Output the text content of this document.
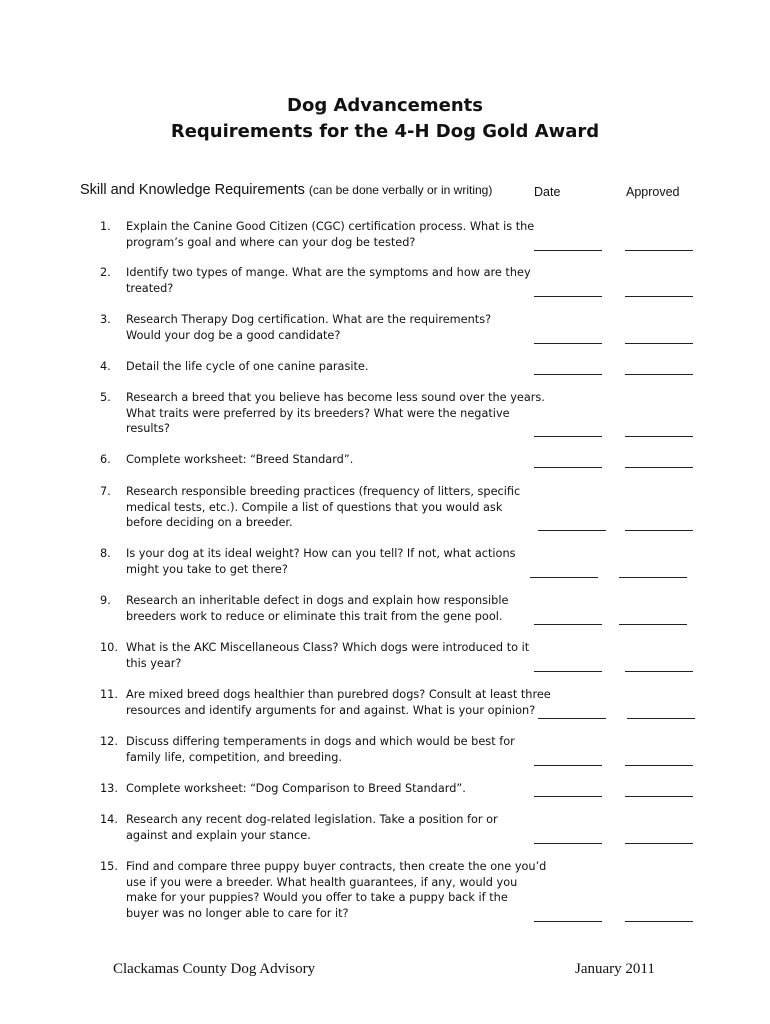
Dog Advancements
Requirements for the 4-H Dog Gold Award
Skill and Knowledge Requirements (can be done verbally or in writing)	Date	Approved
1.	Explain the Canine Good Citizen (CGC) certification process. What is the
program’s goal and where can your dog be tested?
2.	Identify two types of mange. What are the symptoms and how are they
treated?
3.	Research Therapy Dog certification. What are the requirements?
Would your dog be a good candidate?
4.	Detail the life cycle of one canine parasite.
5.	Research a breed that you believe has become less sound over the years.
What traits were preferred by its breeders? What were the negative
results?
6.	Complete worksheet: “Breed Standard”.
7.	Research responsible breeding practices (frequency of litters, specific
medical tests, etc.). Compile a list of questions that you would ask
before deciding on a breeder.
8.	Is your dog at its ideal weight? How can you tell? If not, what actions
might you take to get there?
9.	Research an inheritable defect in dogs and explain how responsible
breeders work to reduce or eliminate this trait from the gene pool.
10. What is the AKC Miscellaneous Class? Which dogs were introduced to it
this year?
11. Are mixed breed dogs healthier than purebred dogs? Consult at least three
resources and identify arguments for and against. What is your opinion?
12. Discuss differing temperaments in dogs and which would be best for
family life, competition, and breeding.
13. Complete worksheet: “Dog Comparison to Breed Standard”.
14. Research any recent dog-related legislation. Take a position for or
against and explain your stance.
15. Find and compare three puppy buyer contracts, then create the one you’d
use if you were a breeder. What health guarantees, if any, would you
make for your puppies? Would you offer to take a puppy back if the
buyer was no longer able to care for it?
Clackamas County Dog Advisory	January 2011
